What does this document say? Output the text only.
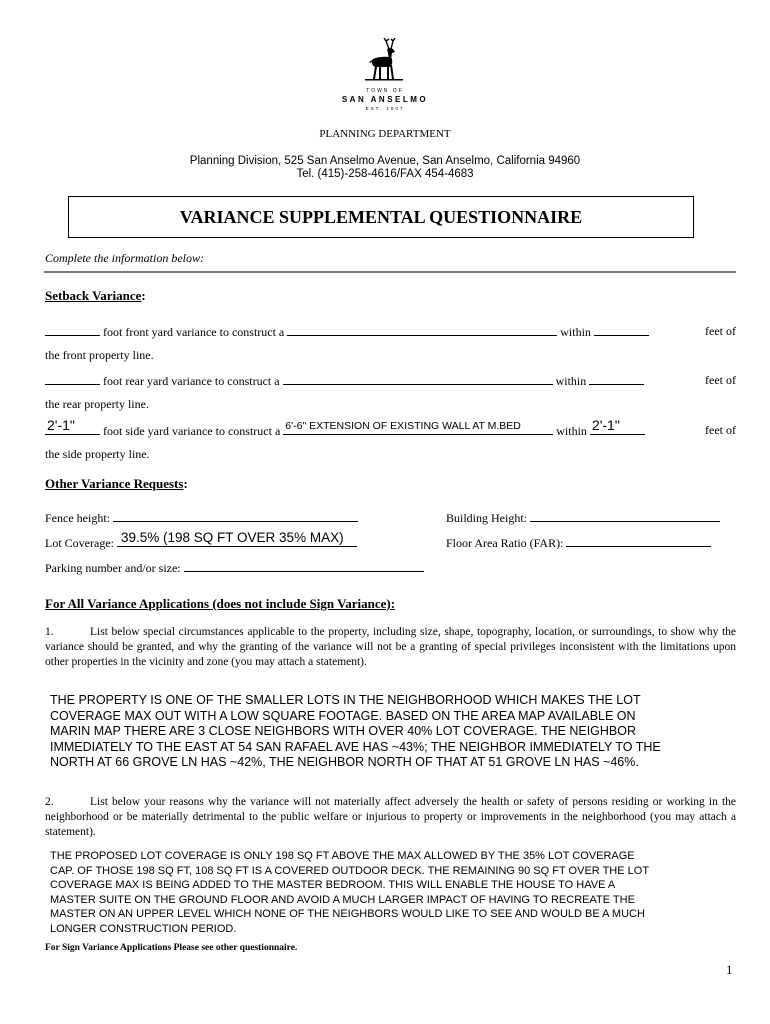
TOWN OF
SAN ANSELMO
EST. 1907
PLANNING DEPARTMENT
Planning Division, 525 San Anselmo Avenue, San Anselmo, California 94960
Tel. (415)-258-4616/FAX 454-4683
VARIANCE SUPPLEMENTAL QUESTIONNAIRE
Complete the information below:
Setback Variance:
foot front yard variance to construct a	within	feet of
the front property line.
foot rear yard variance to construct a	within	feet of
the rear property line.
2'-1" foot side yard variance to construct a 6'-6" EXTENSION OF EXISTING WALL AT M.BED	within 2'-1"	feet of
the side property line.
Other Variance Requests:
Fence height:	Building Height:
Lot Coverage: 39.5% (198 SQ FT OVER 35% MAX)	Floor Area Ratio (FAR):
Parking number and/or size:
For All Variance Applications (does not include Sign Variance):
1.	List below special circumstances applicable to the property, including size, shape, topography, location, or surroundings, to show why the variance should be granted, and why the granting of the variance will not be a granting of special privileges inconsistent with the limitations upon other properties in the vicinity and zone (you may attach a statement).
THE PROPERTY IS ONE OF THE SMALLER LOTS IN THE NEIGHBORHOOD WHICH MAKES THE LOT
COVERAGE MAX OUT WITH A LOW SQUARE FOOTAGE. BASED ON THE AREA MAP AVAILABLE ON
MARIN MAP THERE ARE 3 CLOSE NEIGHBORS WITH OVER 40% LOT COVERAGE. THE NEIGHBOR
IMMEDIATELY TO THE EAST AT 54 SAN RAFAEL AVE HAS ~43%; THE NEIGHBOR IMMEDIATELY TO THE
NORTH AT 66 GROVE LN HAS ~42%, THE NEIGHBOR NORTH OF THAT AT 51 GROVE LN HAS ~46%.
2.	List below your reasons why the variance will not materially affect adversely the health or safety of persons residing or working in the neighborhood or be materially detrimental to the public welfare or injurious to property or improvements in the neighborhood (you may attach a statement).
THE PROPOSED LOT COVERAGE IS ONLY 198 SQ FT ABOVE THE MAX ALLOWED BY THE 35% LOT COVERAGE
CAP. OF THOSE 198 SQ FT, 108 SQ FT IS A COVERED OUTDOOR DECK. THE REMAINING 90 SQ FT OVER THE LOT
COVERAGE MAX IS BEING ADDED TO THE MASTER BEDROOM. THIS WILL ENABLE THE HOUSE TO HAVE A
MASTER SUITE ON THE GROUND FLOOR AND AVOID A MUCH LARGER IMPACT OF HAVING TO RECREATE THE
MASTER ON AN UPPER LEVEL WHICH NONE OF THE NEIGHBORS WOULD LIKE TO SEE AND WOULD BE A MUCH
LONGER CONSTRUCTION PERIOD.
For Sign Variance Applications Please see other questionnaire.
1
